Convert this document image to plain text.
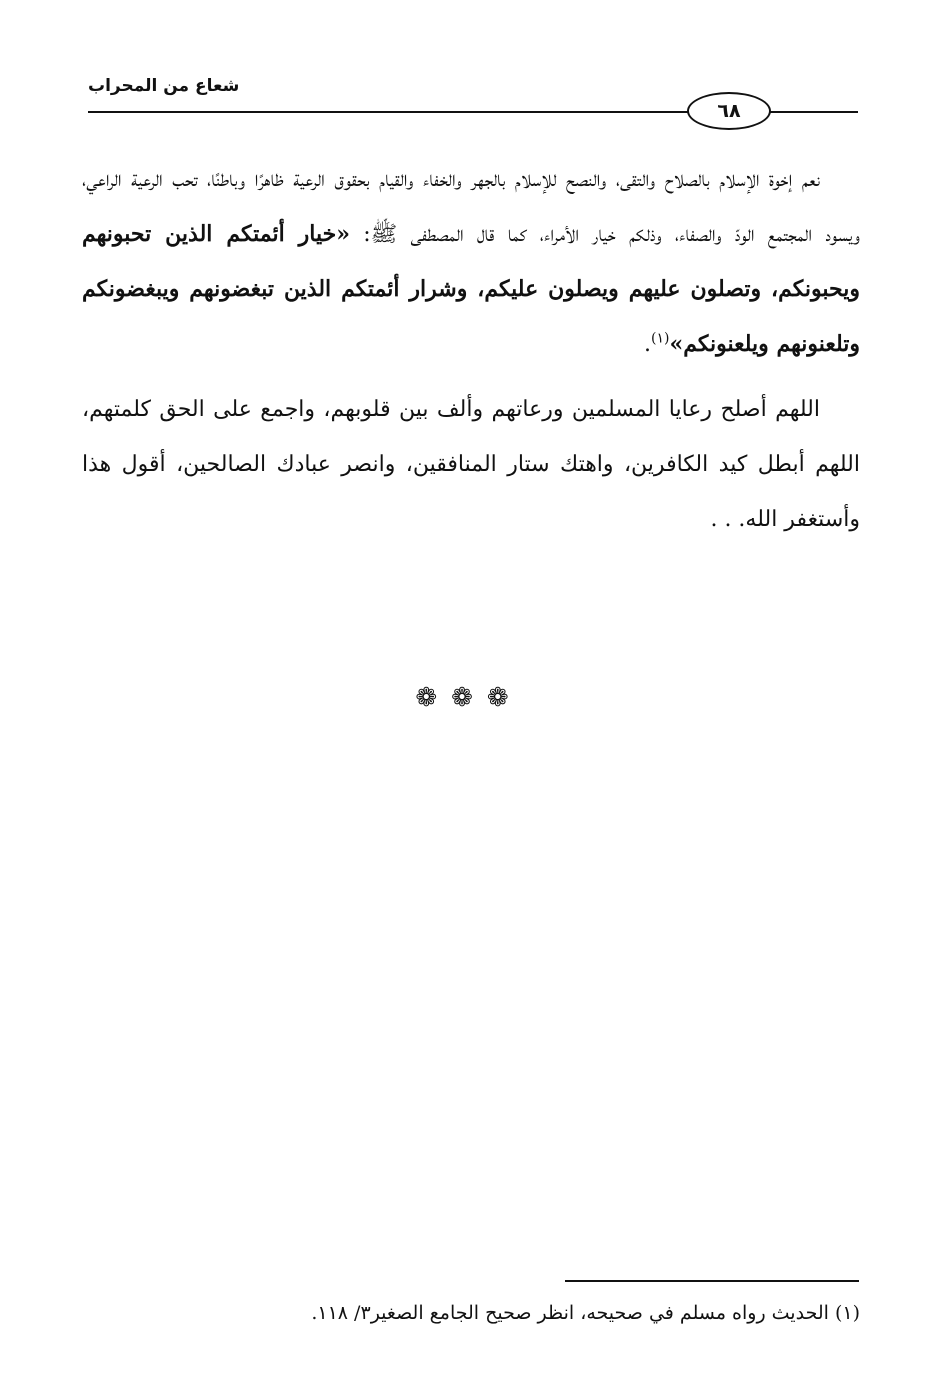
شعاع من المحراب
٦٨

نعم إخوة الإسلام بالصلاح والتقى، والنصح للإسلام بالجهر والخفاء والقيام بحقوق الرعية ظاهرًا وباطنًا، تحب الرعية الراعي، ويسود المجتمع الودّ والصفاء، وذلكم خيار الأمراء، كما قال المصطفى ﷺ: «خيار أئمتكم الذين تحبونهم ويحبونكم، وتصلون عليهم ويصلون عليكم، وشرار أئمتكم الذين تبغضونهم ويبغضونكم وتلعنونهم ويلعنونكم»$^{(١)}$.

اللهم أصلح رعايا المسلمين ورعاتهم وألف بين قلوبهم، واجمع على الحق كلمتهم، اللهم أبطل كيد الكافرين، واهتك ستار المنافقين، وانصر عبادك الصالحين، أقول هذا وأستغفر الله. . .

❁❁❁
(١) الحديث رواه مسلم في صحيحه، انظر صحيح الجامع الصغير٣/ ١١٨.
